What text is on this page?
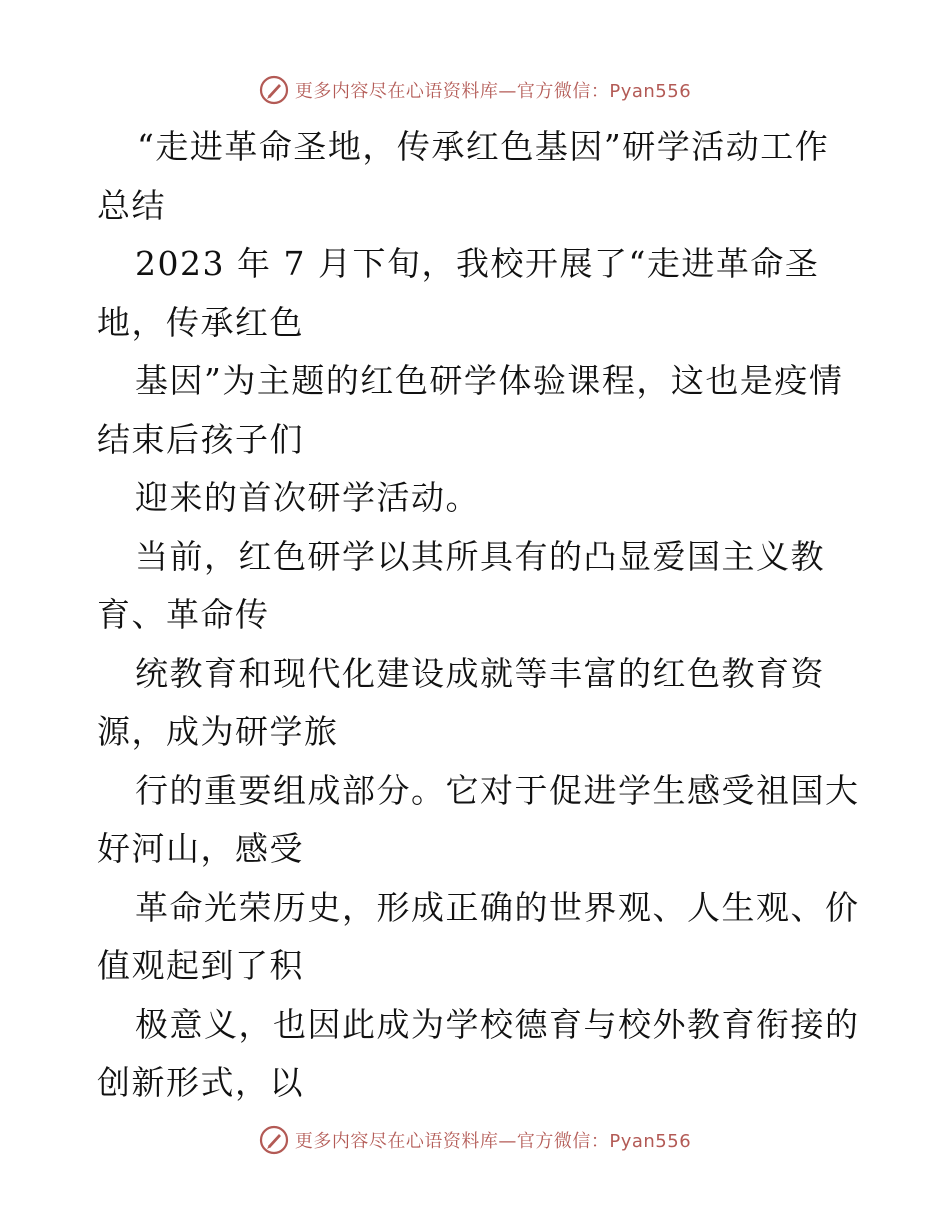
更多内容尽在心语资料库—官方微信：Pyan556
“走进革命圣地，传承红色基因”研学活动工作
总结
2023 年 7 月下旬，我校开展了“走进革命圣
地，传承红色
基因”为主题的红色研学体验课程，这也是疫情
结束后孩子们
迎来的首次研学活动。
当前，红色研学以其所具有的凸显爱国主义教
育、革命传
统教育和现代化建设成就等丰富的红色教育资
源，成为研学旅
行的重要组成部分。它对于促进学生感受祖国大
好河山，感受
革命光荣历史，形成正确的世界观、人生观、价
值观起到了积
极意义，也因此成为学校德育与校外教育衔接的
创新形式，以
更多内容尽在心语资料库—官方微信：Pyan556
